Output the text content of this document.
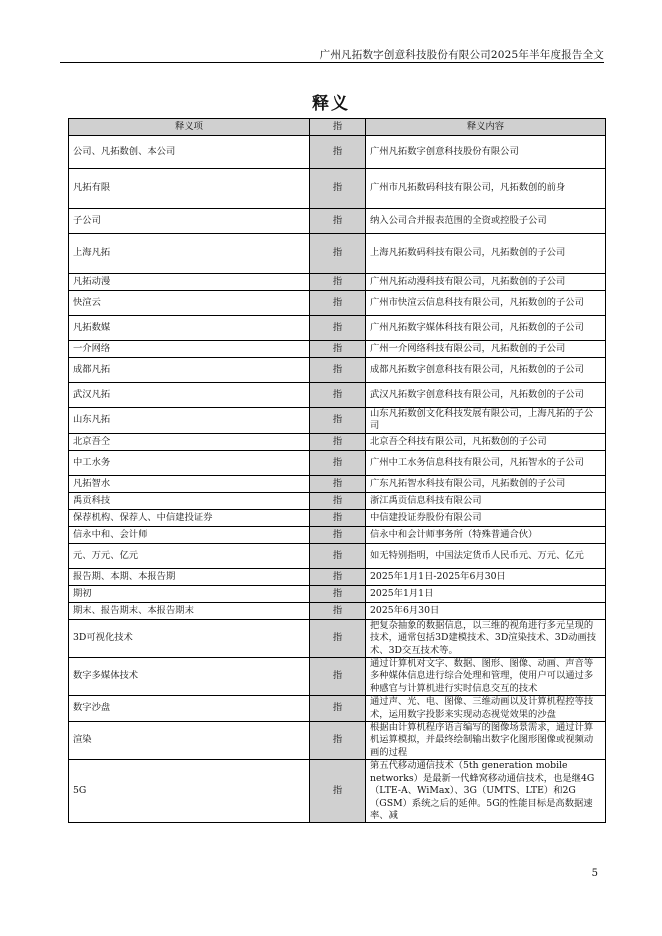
广州凡拓数字创意科技股份有限公司2025年半年度报告全文
释义
释义项	指	释义内容
公司、凡拓数创、本公司	指	广州凡拓数字创意科技股份有限公司
凡拓有限	指	广州市凡拓数码科技有限公司，凡拓数创的前身
子公司	指	纳入公司合并报表范围的全资或控股子公司
上海凡拓	指	上海凡拓数码科技有限公司，凡拓数创的子公司
凡拓动漫	指	广州凡拓动漫科技有限公司，凡拓数创的子公司
快渲云	指	广州市快渲云信息科技有限公司，凡拓数创的子公司
凡拓数媒	指	广州凡拓数字媒体科技有限公司，凡拓数创的子公司
一介网络	指	广州一介网络科技有限公司，凡拓数创的子公司
成都凡拓	指	成都凡拓数字创意科技有限公司，凡拓数创的子公司
武汉凡拓	指	武汉凡拓数字创意科技有限公司，凡拓数创的子公司
山东凡拓	指	山东凡拓数创文化科技发展有限公司，上海凡拓的子公司
北京吾仝	指	北京吾仝科技有限公司，凡拓数创的子公司
中工水务	指	广州中工水务信息科技有限公司，凡拓智水的子公司
凡拓智水	指	广东凡拓智水科技有限公司，凡拓数创的子公司
禹贡科技	指	浙江禹贡信息科技有限公司
保荐机构、保荐人、中信建投证券	指	中信建投证券股份有限公司
信永中和、会计师	指	信永中和会计师事务所（特殊普通合伙）
元、万元、亿元	指	如无特别指明，中国法定货币人民币元、万元、亿元
报告期、本期、本报告期	指	2025年1月1日-2025年6月30日
期初	指	2025年1月1日
期末、报告期末、本报告期末	指	2025年6月30日
3D可视化技术	指	把复杂抽象的数据信息，以三维的视角进行多元呈现的技术，通常包括3D建模技术、3D渲染技术、3D动画技术、3D交互技术等。
数字多媒体技术	指	通过计算机对文字、数据、图形、图像、动画、声音等多种媒体信息进行综合处理和管理，使用户可以通过多种感官与计算机进行实时信息交互的技术
数字沙盘	指	通过声、光、电、图像、三维动画以及计算机程控等技术，运用数字投影来实现动态视觉效果的沙盘
渲染	指	根据由计算机程序语言编写的图像场景需求，通过计算机运算模拟，并最终绘制输出数字化图形图像或视频动画的过程
5G	指	第五代移动通信技术（5th generation mobile networks）是最新一代蜂窝移动通信技术，也是继4G（LTE-A、WiMax）、3G（UMTS、LTE）和2G（GSM）系统之后的延伸。5G的性能目标是高数据速率、减
5
